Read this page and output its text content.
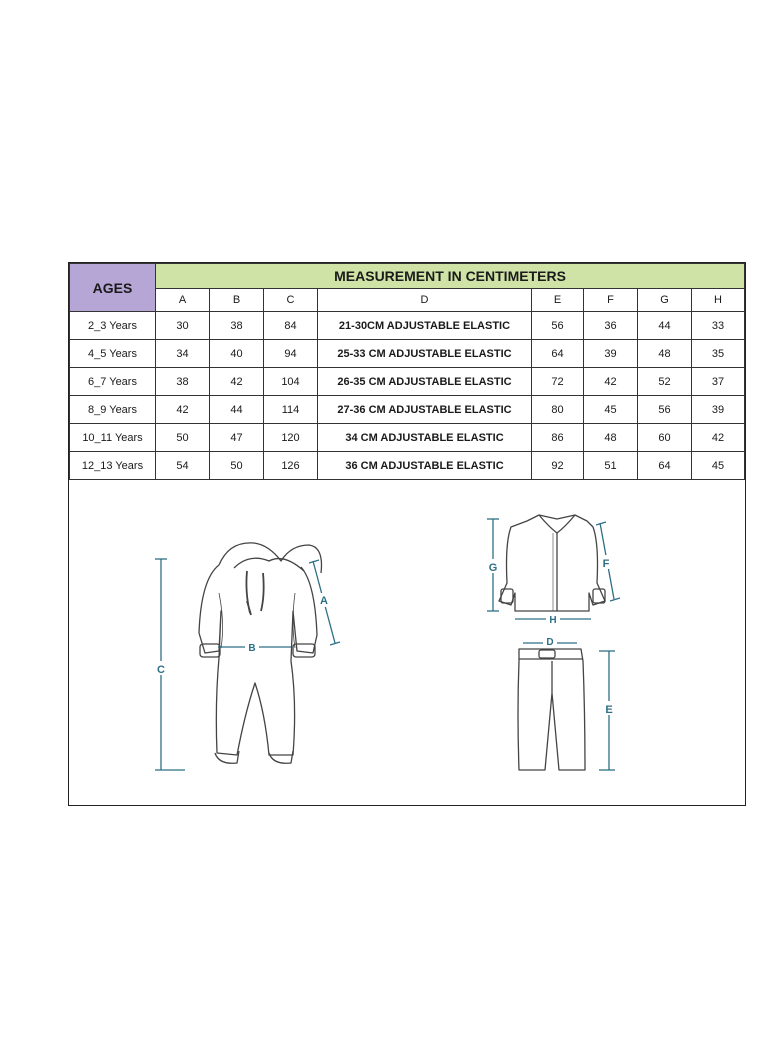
AGES	MEASUREMENT IN CENTIMETERS							
	A	B	C	D	E	F	G	H
2_3 Years	30	38	84	21-30CM ADJUSTABLE ELASTIC	56	36	44	33
4_5 Years	34	40	94	25-33 CM ADJUSTABLE ELASTIC	64	39	48	35
6_7 Years	38	42	104	26-35 CM ADJUSTABLE ELASTIC	72	42	52	37
8_9 Years	42	44	114	27-36 CM ADJUSTABLE ELASTIC	80	45	56	39
10_11 Years	50	47	120	34 CM ADJUSTABLE ELASTIC	86	48	60	42
12_13 Years	54	50	126	36 CM ADJUSTABLE ELASTIC	92	51	64	45
C
B
A
G	F
H
D
E
